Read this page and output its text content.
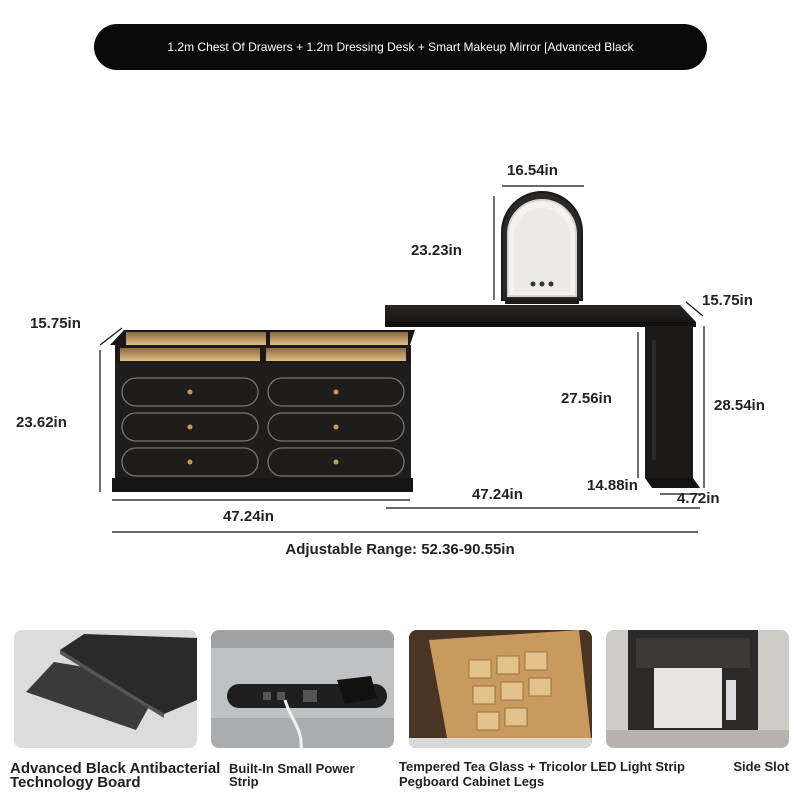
1.2m Chest Of Drawers + 1.2m Dressing Desk + Smart Makeup Mirror [Advanced Black
16.54in
23.23in
15.75in
15.75in
23.62in
27.56in	28.54in
14.88in
4.72in
47.24in
47.24in
Adjustable Range: 52.36-90.55in
Advanced Black Antibacterial
Technology Board
Built-In Small Power
Strip
Tempered Tea Glass + Tricolor LED Light Strip	Side Slot
Pegboard Cabinet Legs
